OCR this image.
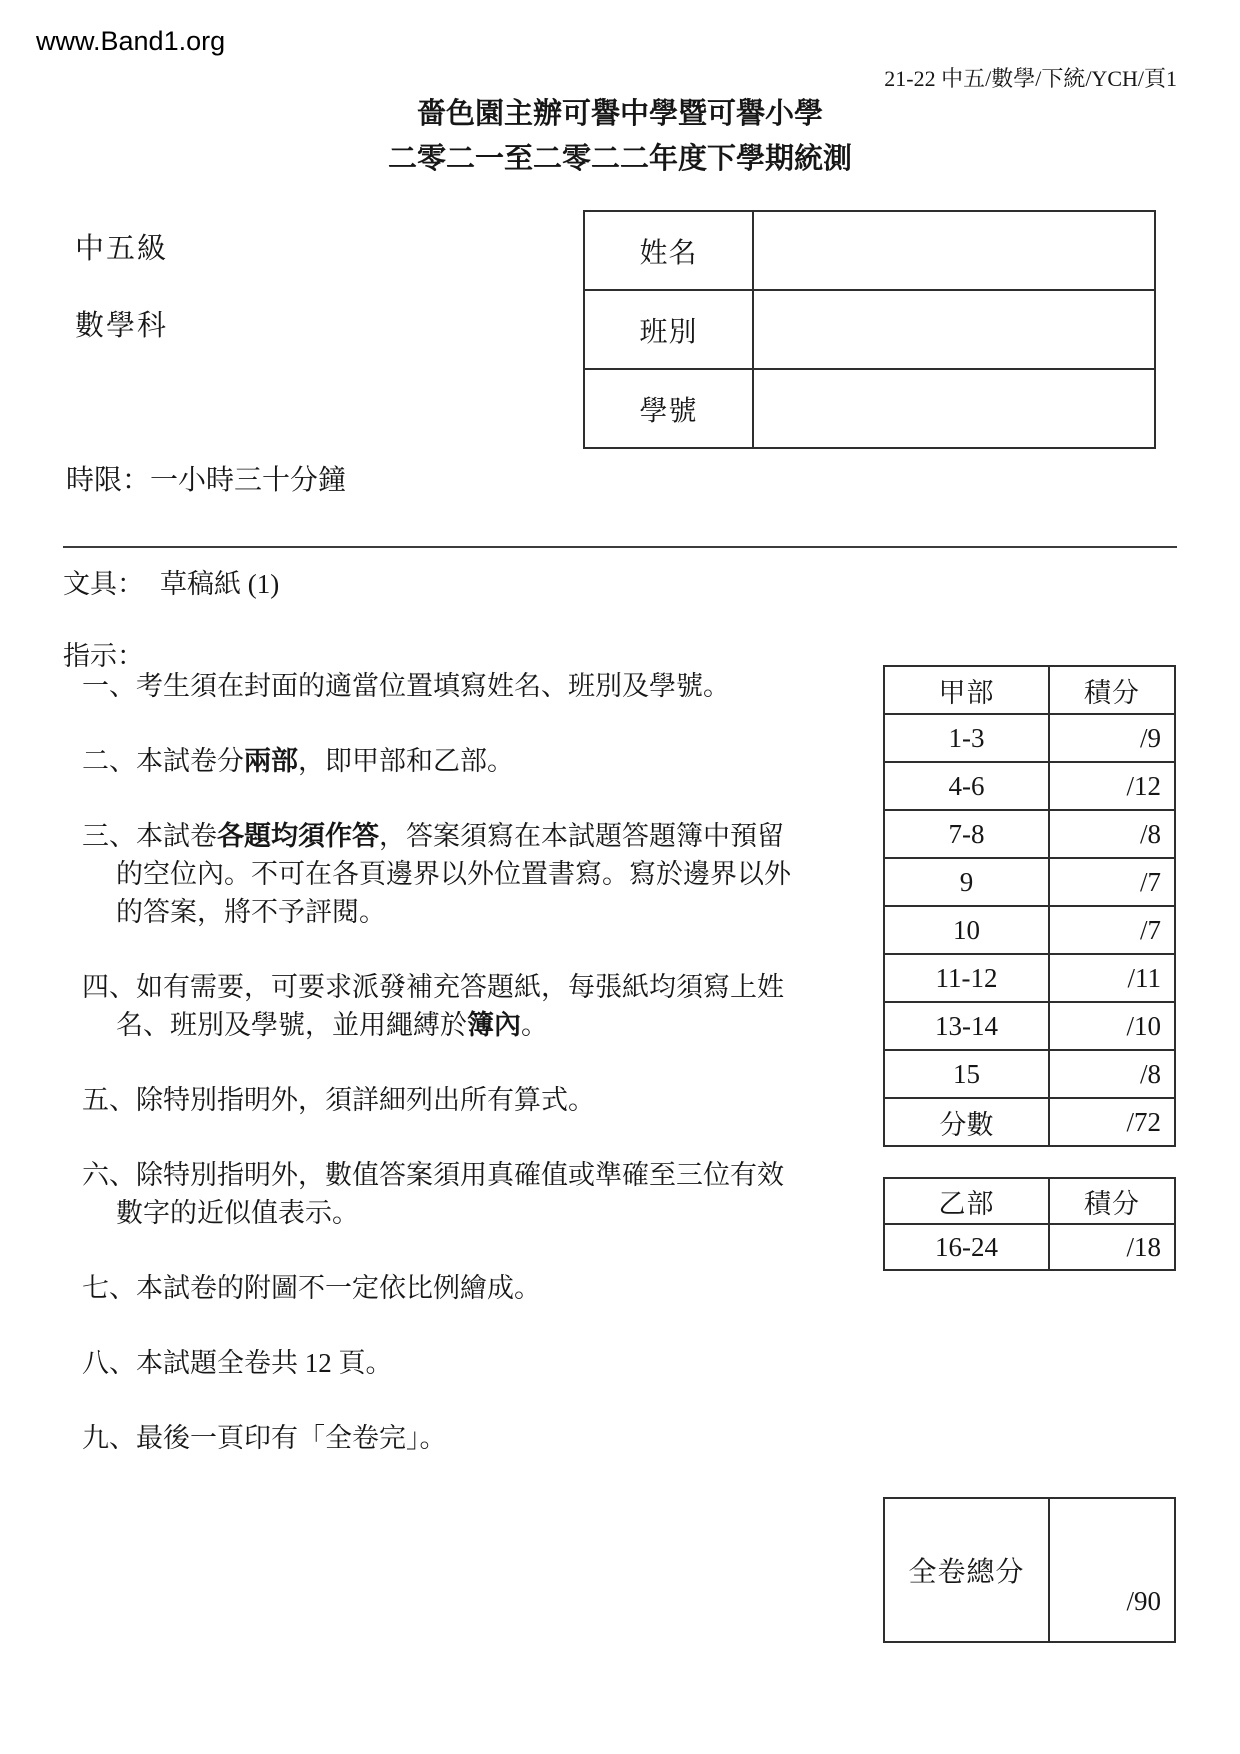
www.Band1.org
21-22 中五/數學/下統/YCH/頁1
嗇色園主辦可譽中學暨可譽小學
二零二一至二零二二年度下學期統測
中五級
數學科
姓名	
班別	
學號	
時限：一小時三十分鐘
文具： 草稿紙 (1)
指示：
一、考生須在封面的適當位置填寫姓名、班別及學號。
二、本試卷分兩部，即甲部和乙部。
三、本試卷各題均須作答，答案須寫在本試題答題簿中預留的空位內。不可在各頁邊界以外位置書寫。寫於邊界以外的答案，將不予評閱。
四、如有需要，可要求派發補充答題紙，每張紙均須寫上姓名、班別及學號，並用繩縛於簿內。
五、除特別指明外，須詳細列出所有算式。
六、除特別指明外，數值答案須用真確值或準確至三位有效數字的近似值表示。
七、本試卷的附圖不一定依比例繪成。
八、本試題全卷共 12 頁。
九、最後一頁印有「全卷完」。
甲部	積分
1-3	/9
4-6	/12
7-8	/8
9	/7
10	/7
11-12	/11
13-14	/10
15	/8
分數	/72
乙部	積分
16-24	/18
全卷總分	/90
